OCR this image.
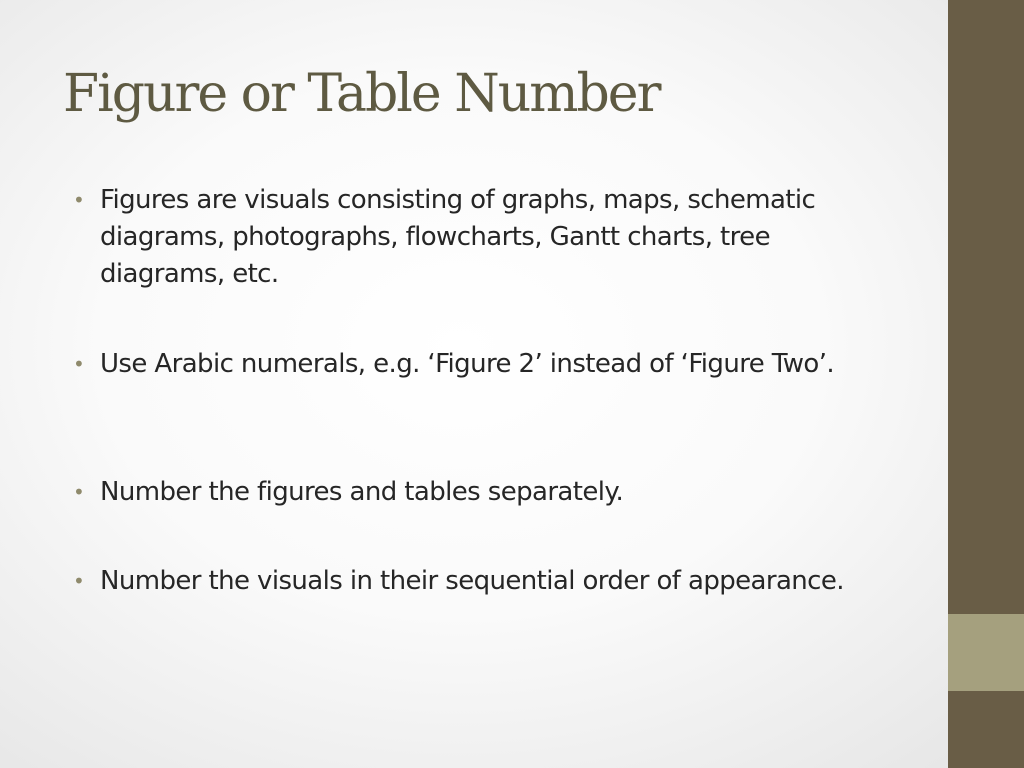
Figure or Table Number
• Figures are visuals consisting of graphs, maps, schematic diagrams, photographs, flowcharts, Gantt charts, tree diagrams, etc.
• Use Arabic numerals, e.g. ‘Figure 2’ instead of ‘Figure Two’.
• Number the figures and tables separately.
• Number the visuals in their sequential order of appearance.
